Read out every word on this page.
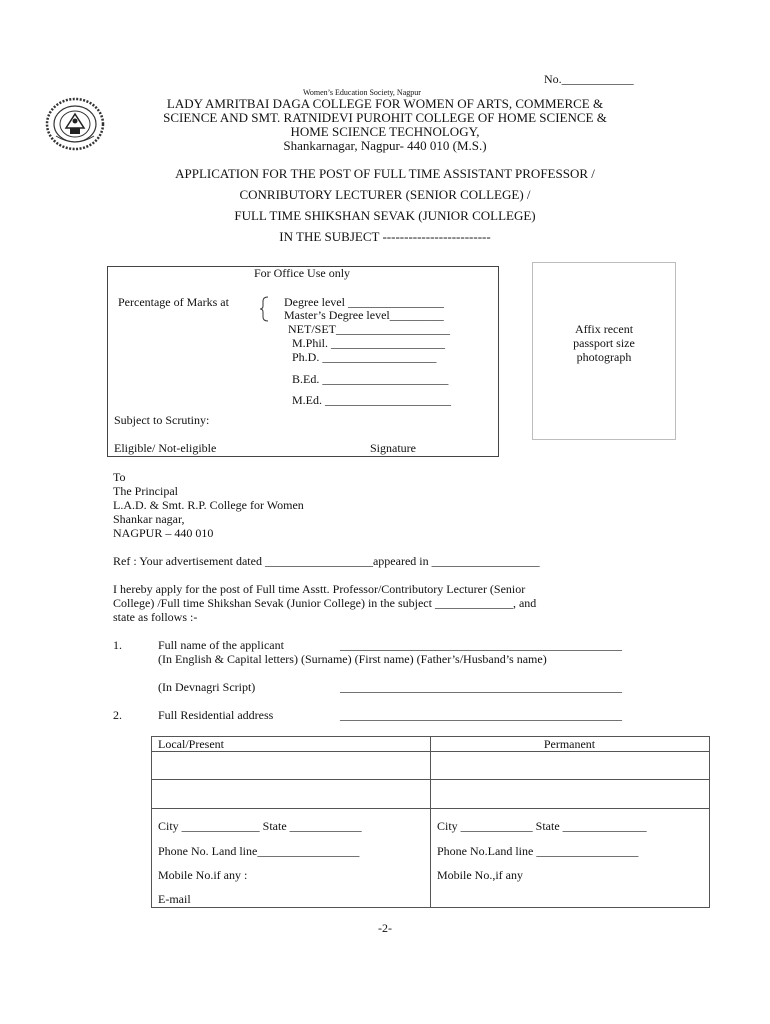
No.____________
Women’s Education Society, Nagpur
LADY AMRITBAI DAGA COLLEGE FOR WOMEN OF ARTS, COMMERCE &
SCIENCE AND SMT. RATNIDEVI PUROHIT COLLEGE OF HOME SCIENCE &
HOME SCIENCE TECHNOLOGY,
Shankarnagar, Nagpur- 440 010 (M.S.)
APPLICATION FOR THE POST OF FULL TIME ASSISTANT PROFESSOR /
CONRIBUTORY LECTURER (SENIOR COLLEGE) /
FULL TIME SHIKSHAN SEVAK (JUNIOR COLLEGE)
IN THE SUBJECT -------------------------
For Office Use only
Percentage of Marks at	Degree level ________________
Master’s Degree level_________
NET/SET___________________
M.Phil. ___________________
Ph.D. ___________________
B.Ed. _____________________
M.Ed. _____________________
Subject to Scrutiny:
Eligible/ Not-eligible	Signature
Affix recent
passport size
photograph
To
The Principal
L.A.D. & Smt. R.P. College for Women
Shankar nagar,
NAGPUR – 440 010
Ref : Your advertisement dated __________________appeared in __________________
I hereby apply for the post of Full time Asstt. Professor/Contributory Lecturer (Senior
College) /Full time Shikshan Sevak (Junior College) in the subject _____________, and
state as follows :-
1.	Full name of the applicant	_______________________________________________
(In English & Capital letters) (Surname) (First name) (Father’s/Husband’s name)
(In Devnagri Script)	_______________________________________________
2.	Full Residential address	_______________________________________________
Local/Present	Permanent
City _____________ State ____________	City ____________ State ______________
Phone No. Land line_________________	Phone No.Land line _________________
Mobile No.if any :	Mobile No.,if any
E-mail
-2-
